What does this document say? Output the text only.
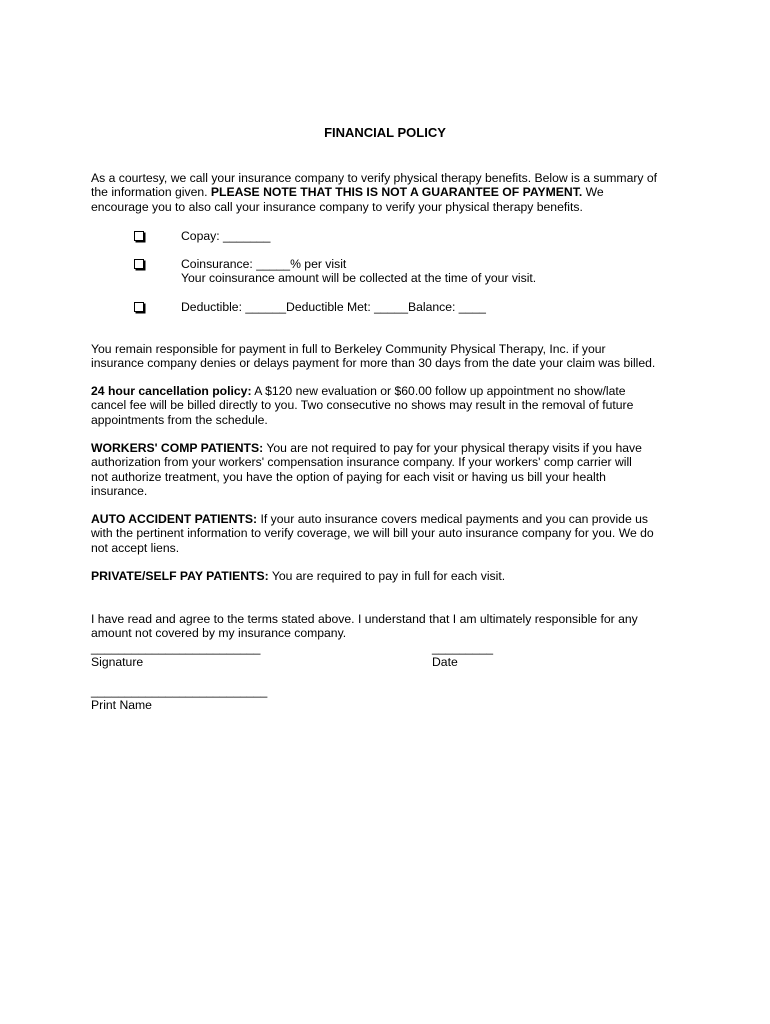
FINANCIAL POLICY

As a courtesy, we call your insurance company to verify physical therapy benefits. Below is a summary of
the information given. PLEASE NOTE THAT THIS IS NOT A GUARANTEE OF PAYMENT. We
encourage you to also call your insurance company to verify your physical therapy benefits.

Copay: _______
Coinsurance: _____% per visit
Your coinsurance amount will be collected at the time of your visit.
Deductible: ______Deductible Met: _____Balance: ____

You remain responsible for payment in full to Berkeley Community Physical Therapy, Inc. if your
insurance company denies or delays payment for more than 30 days from the date your claim was billed.

24 hour cancellation policy: A $120 new evaluation or $60.00 follow up appointment no show/late
cancel fee will be billed directly to you. Two consecutive no shows may result in the removal of future
appointments from the schedule.

WORKERS' COMP PATIENTS: You are not required to pay for your physical therapy visits if you have
authorization from your workers' compensation insurance company. If your workers' comp carrier will
not authorize treatment, you have the option of paying for each visit or having us bill your health
insurance.

AUTO ACCIDENT PATIENTS: If your auto insurance covers medical payments and you can provide us
with the pertinent information to verify coverage, we will bill your auto insurance company for you. We do
not accept liens.

PRIVATE/SELF PAY PATIENTS: You are required to pay in full for each visit.

I have read and agree to the terms stated above. I understand that I am ultimately responsible for any
amount not covered by my insurance company.

_________________________
Signature
_________
Date
__________________________
Print Name
